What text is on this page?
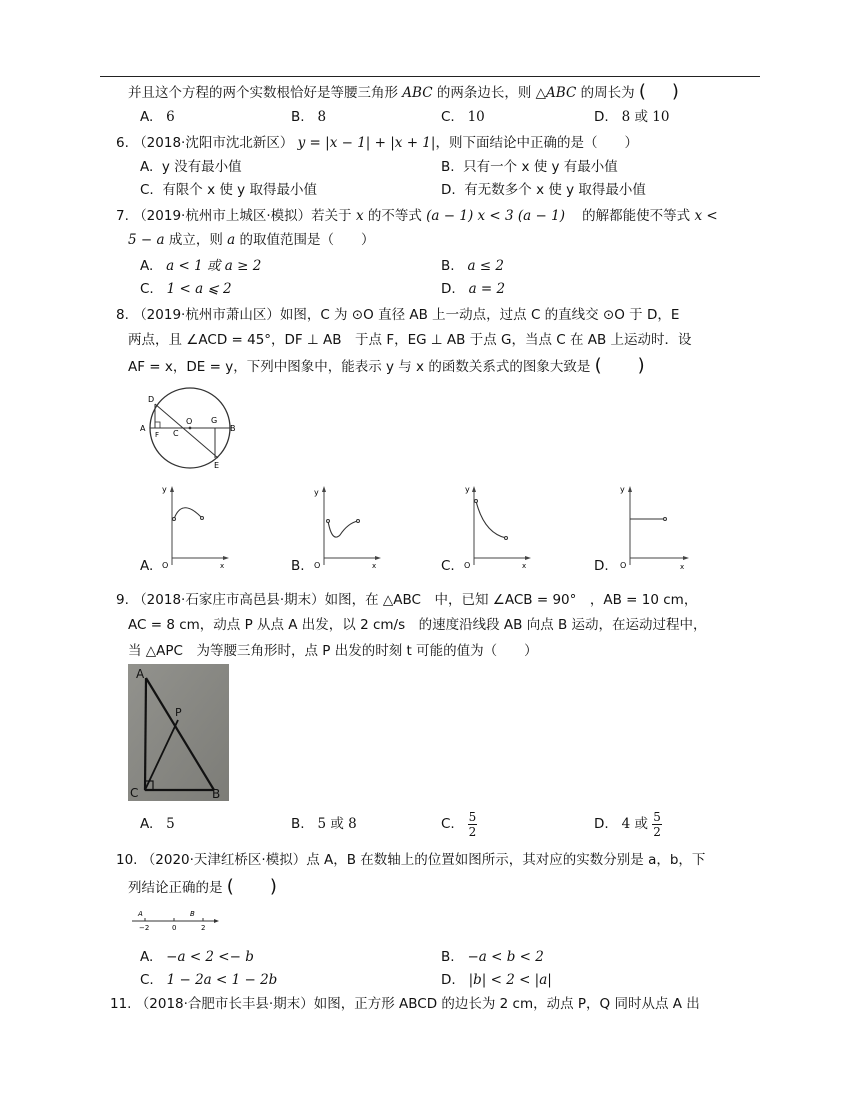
并且这个方程的两个实数根恰好是等腰三角形 ABC 的两条边长，则 △ABC 的周长为 ( )
A. 6	B. 8	C. 10	D. 8 或 10
6. （2018·沈阳市沈北新区） y = |x − 1| + |x + 1|，则下面结论中正确的是（　　）
A. y 没有最小值	B. 只有一个 x 使 y 有最小值
C. 有限个 x 使 y 取得最小值	D. 有无数多个 x 使 y 取得最小值
7. （2019·杭州市上城区·模拟）若关于 x 的不等式 (a − 1) x < 3 (a − 1) 的解都能使不等式 x <
5 − a 成立，则 a 的取值范围是（　　）
A. a < 1 或 a ≥ 2	B. a ≤ 2
C. 1 < a ⩽ 2	D. a = 2
8. （2019·杭州市萧山区）如图，C 为 ⊙O 直径 AB 上一动点，过点 C 的直线交 ⊙O 于 D，E
两点，且 ∠ACD = 45°，DF ⊥ AB　于点 F，EG ⊥ AB 于点 G，当点 C 在 AB 上运动时．设
AF = x，DE = y，下列中图象中，能表示 y 与 x 的函数关系式的图象大致是 (　　)
D
A
F C
O G
B
E
y
O	x
y
O	x
y
O	x
y
O	x
A.	B.	C.	D.
9. （2018·石家庄市高邑县·期末）如图，在 △ABC　中，已知 ∠ACB = 90°　，AB = 10 cm，
AC = 8 cm，动点 P 从点 A 出发，以 2 cm/s　的速度沿线段 AB 向点 B 运动，在运动过程中，
当 △APC　为等腰三角形时，点 P 出发的时刻 t 可能的值为（　　）
A
P
C	B
A. 5	B. 5 或 8	C. $\frac{5}{2}$	D. 4 或 $\frac{5}{2}$
10. （2020·天津红桥区·模拟）点 A，B 在数轴上的位置如图所示，其对应的实数分别是 a，b，下
列结论正确的是 (　　)
A	B
−2	0	2
A. −a < 2 <− b	B. −a < b < 2
C. 1 − 2a < 1 − 2b	D. |b| < 2 < |a|
11. （2018·合肥市长丰县·期末）如图，正方形 ABCD 的边长为 2 cm，动点 P，Q 同时从点 A 出
